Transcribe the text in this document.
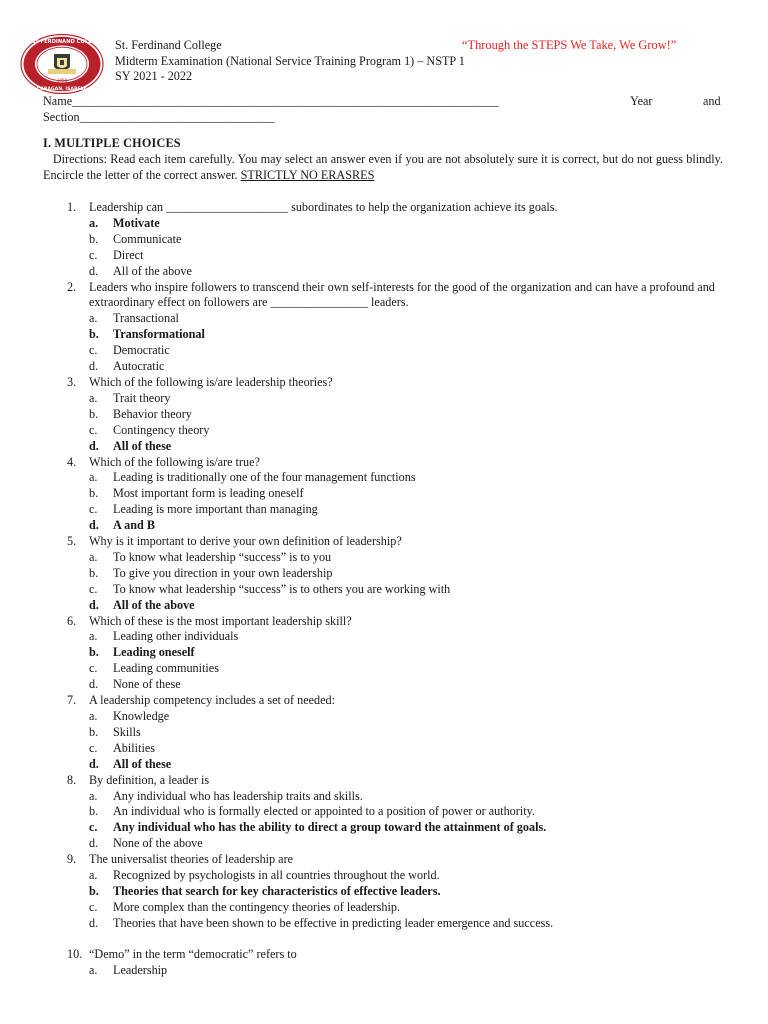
1958
SAINT FERDINAND COLLEGE
CABAGAN, ISABELA
St. Ferdinand College
Midterm Examination (National Service Training Program 1) – NSTP 1
SY 2021 - 2022
“Through the STEPS We Take, We Grow!”
Name______________________________________________________________________	Year	and
Section________________________________
I. MULTIPLE CHOICES
Directions: Read each item carefully. You may select an answer even if you are not absolutely sure it is correct, but do not guess blindly. Encircle the letter of the correct answer. STRICTLY NO ERASRES
1.	Leadership can ____________________ subordinates to help the organization achieve its goals.
a. Motivate
b. Communicate
c. Direct
d. All of the above
2.	Leaders who inspire followers to transcend their own self-interests for the good of the organization and can have a profound and extraordinary effect on followers are ________________ leaders.
a. Transactional
b. Transformational
c. Democratic
d. Autocratic
3.	Which of the following is/are leadership theories?
a. Trait theory
b. Behavior theory
c. Contingency theory
d. All of these
4.	Which of the following is/are true?
a. Leading is traditionally one of the four management functions
b. Most important form is leading oneself
c. Leading is more important than managing
d. A and B
5.	Why is it important to derive your own definition of leadership?
a. To know what leadership “success” is to you
b. To give you direction in your own leadership
c. To know what leadership “success” is to others you are working with
d. All of the above
6.	Which of these is the most important leadership skill?
a. Leading other individuals
b. Leading oneself
c. Leading communities
d. None of these
7.	A leadership competency includes a set of needed:
a. Knowledge
b. Skills
c. Abilities
d. All of these
8.	By definition, a leader is
a. Any individual who has leadership traits and skills.
b. An individual who is formally elected or appointed to a position of power or authority.
c. Any individual who has the ability to direct a group toward the attainment of goals.
d. None of the above
9.	The universalist theories of leadership are
a. Recognized by psychologists in all countries throughout the world.
b. Theories that search for key characteristics of effective leaders.
c. More complex than the contingency theories of leadership.
d. Theories that have been shown to be effective in predicting leader emergence and success.
10. “Demo” in the term “democratic” refers to
a. Leadership
